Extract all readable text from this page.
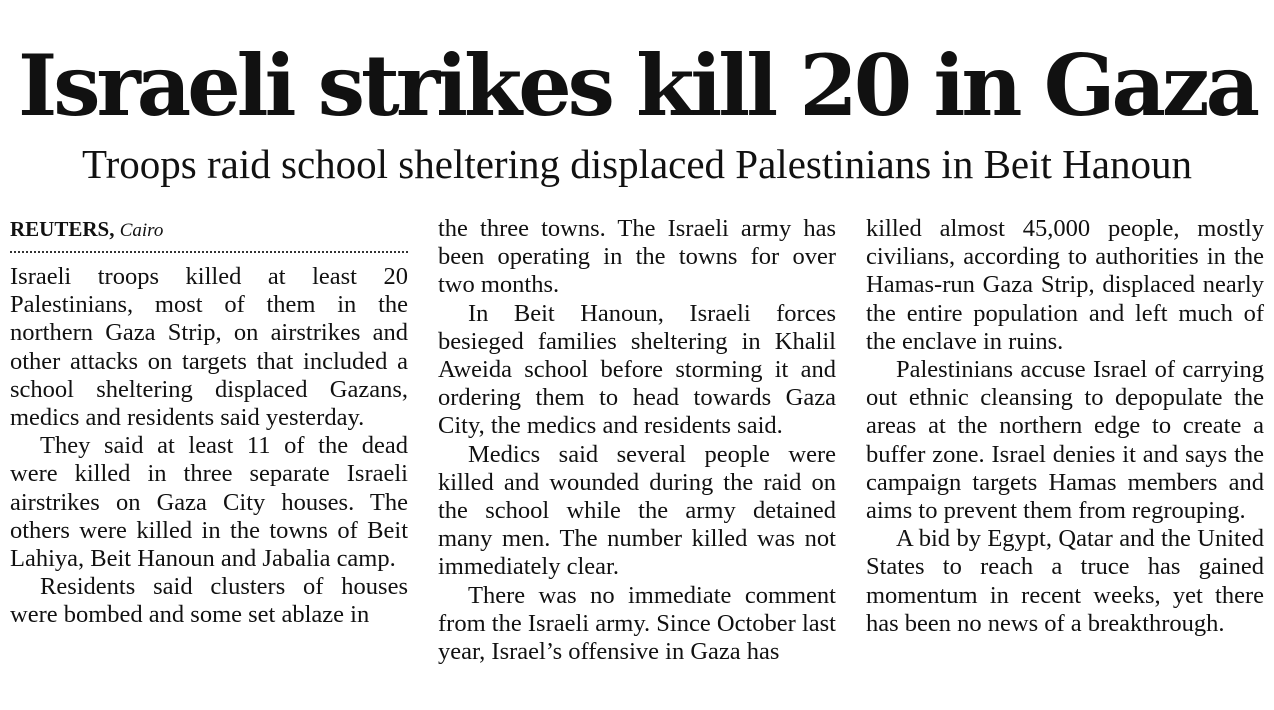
Israeli strikes kill 20 in Gaza
Troops raid school sheltering displaced Palestinians in Beit Hanoun
REUTERS, Cairo

Israeli troops killed at least 20 Palestinians, most of them in the northern Gaza Strip, on airstrikes and other attacks on targets that included a school sheltering displaced Gazans, medics and residents said yesterday.

They said at least 11 of the dead were killed in three separate Israeli airstrikes on Gaza City houses. The others were killed in the towns of Beit Lahiya, Beit Hanoun and Jabalia camp.

Residents said clusters of houses were bombed and some set ablaze in

the three towns. The Israeli army has been operating in the towns for over two months.

In Beit Hanoun, Israeli forces besieged families sheltering in Khalil Aweida school before storming it and ordering them to head towards Gaza City, the medics and residents said.

Medics said several people were killed and wounded during the raid on the school while the army detained many men. The number killed was not immediately clear.

There was no immediate comment from the Israeli army. Since October last year, Israel’s offensive in Gaza has

killed almost 45,000 people, mostly civilians, according to authorities in the Hamas-run Gaza Strip, displaced nearly the entire population and left much of the enclave in ruins.

Palestinians accuse Israel of carrying out ethnic cleansing to depopulate the areas at the northern edge to create a buffer zone. Israel denies it and says the campaign targets Hamas members and aims to prevent them from regrouping.

A bid by Egypt, Qatar and the United States to reach a truce has gained momentum in recent weeks, yet there has been no news of a breakthrough.
